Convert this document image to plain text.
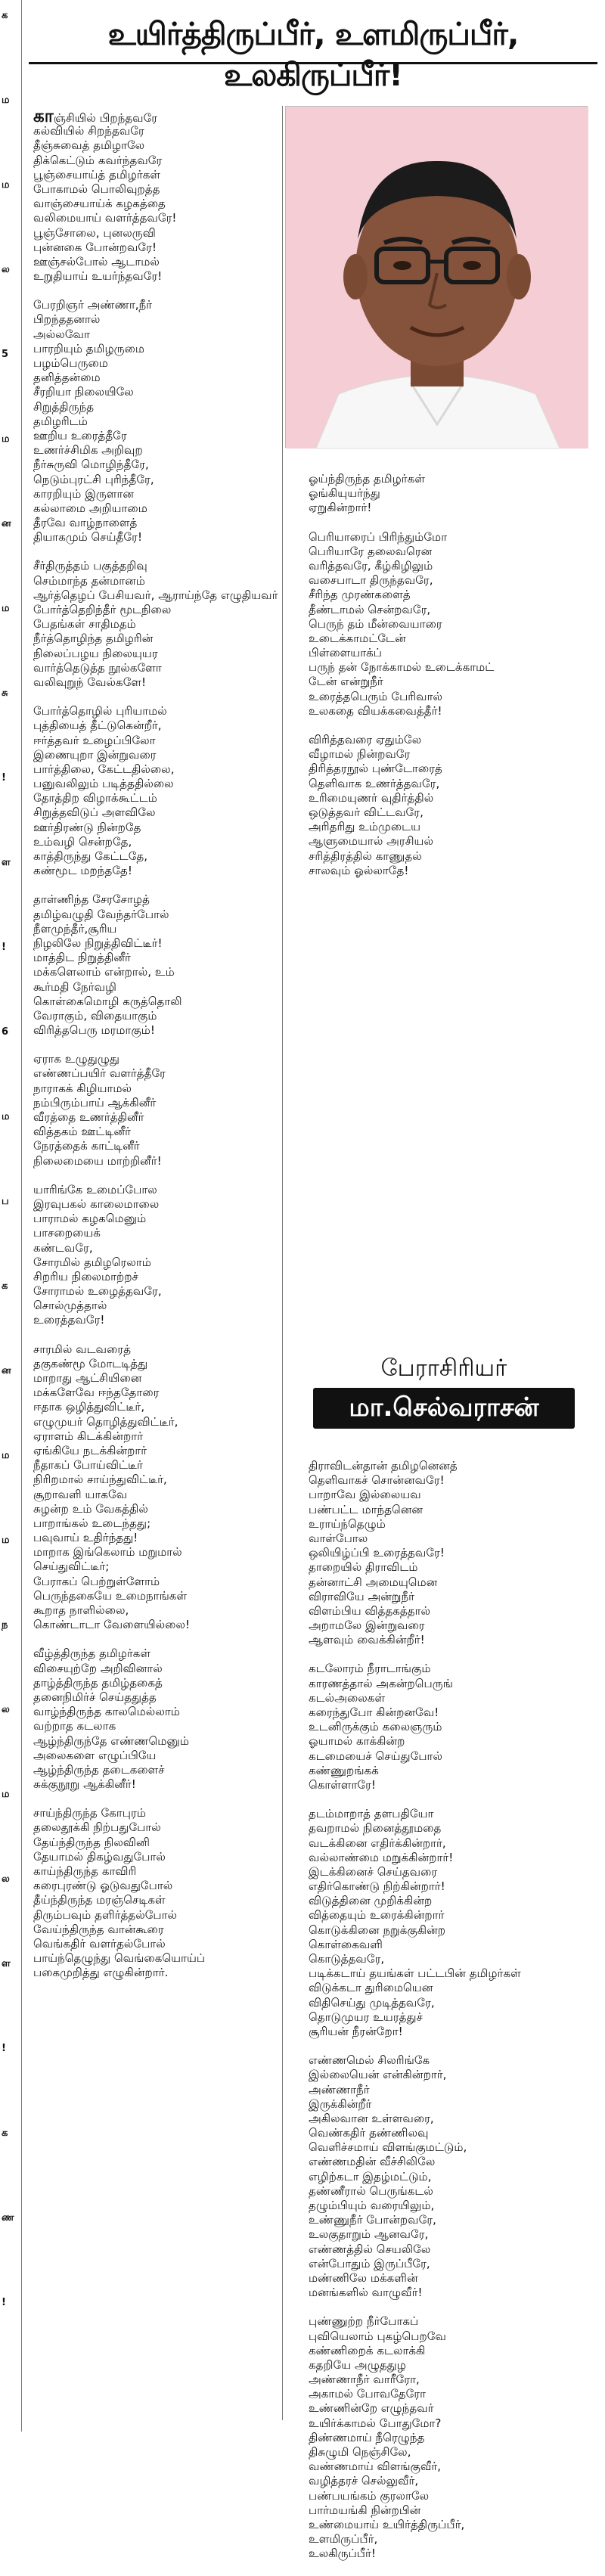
க
ம
ம
ல
5
ம
ன
ம
சு
!
ள
!
6
ம
ப
க
ன
ம
ம
ந
ல
ம
ல
ள
!
க
ண
!
உயிர்த்திருப்பீர், உளமிருப்பீர், உலகிருப்பீர்!
காஞ்சியில் பிறந்தவரே
கல்வியில் சிறந்தவரே
தீஞ்சுவைத் தமிழாலே
திக்கெட்டும் கவர்ந்தவரே
பூஞ்சையாய்த் தமிழர்கள்
போகாமல் பொலிவுறத்த
வாஞ்சையாய்க் கழகத்தை
வலிமையாய் வளர்த்தவரே!
பூஞ்சோலை, புனலருவி
புன்னகை போன்றவரே!
ஊஞ்சல்போல் ஆடாமல்
உறுதியாய் உயர்ந்தவரே!
பேரறிஞர் அண்ணா,நீர்
பிறந்ததனால்
அல்லவோ
பாரறியும் தமிழருமை
பழம்பெருமை
தனித்தன்மை
சீரறியா நிலையிலே
சிறுத்திருந்த
தமிழரிடம்
ஊறிய உரைத்தீரே
உணர்ச்சிமிக அறிவுற
நீர்சுருவி மொழிந்தீரே,
நெடும்புரட்சி புரிந்தீரே,
காரறியும் இருளான
கல்லாமை அறியாமை
தீரவே வாழ்நாளைத்
தியாகமும் செய்தீரே!
சீர்திருத்தம் பகுத்தறிவு
செம்மாந்த தன்மானம்
ஆர்த்தெழப் பேசியவர், ஆராய்ந்தே எழுதியவர்
போர்த்தெறிந்தீர் மூடநிலை
பேதங்கள் சாதிமதம்
நீர்த்தொழிந்த தமிழரின்
நிலைப்பழய நிலையுயர
வார்த்தெடுத்த நூல்களோ
வலிவுறுந் வேல்களே!
போர்த்தொழில் புரியாமல்
புத்தியைத் தீட்டுகென்றீர்,
ஈர்த்தவர் உழைப்பிலோ
இணையுறா இன்றுவரை
பார்த்திலை, கேட்டதில்லை,
பனுவலிலும் படித்ததில்லை
தோத்திற விழாக்கூட்டம்
சிறுத்தவிடுப் அளவிலே
ஊர்திரண்டு நின்றதே
உம்வழி சென்றதே,
காத்திருந்து கேட்டதே,
கண்மூட மறந்ததே!
தாள்ணிந்த சேரசோழத்
தமிழ்வழுதி வேந்தர்போல்
நீளமுந்தீர்,சூரிய
நிழலிலே நிறுத்திவிட்டீர்!
மாத்திட நிறுத்தினீர்
மக்களெலாம் என்றால், உம்
கூர்மதி நேர்வழி
கொள்கைமொழி கருத்தொலி
வேராகும், விதையாகும்
விரித்தபெரு மரமாகும்!
ஏராக உழுதுழுது
எண்ணப்பயிர் வளர்த்தீரே
நாராகக் கிழியாமல்
நம்பிரும்பாய் ஆக்கினீர்
வீரத்தை உணர்த்தினீர்
வித்தகம் ஊட்டினீர்
நேரத்தைக் காட்டினீர்
நிலைமையை மாற்றினீர்!
யாரிங்கே உமைப்போல
இரவுபகல் காலைமாலை
பாராமல் கழகமெனும்
பாசறையைக்
கண்டவரே,
சோரமில் தமிழரெலாம்
சிறரிய நிலைமாற்றச்
சோராமல் உழைத்தவரே,
சொல்முத்தால்
உரைத்தவரே!
சாரமில் வடவரைத்
தகுகண்மூ மோடடித்து
மாறாது ஆட்சியினை
மக்களேவே ஈந்ததோரை
ஈதாக ஒழித்துவிட்டீர்,
எழுமுயர் தொழித்துவிட்டீர்,
ஏராளம் கிடக்கின்றார்
ஏங்கியே நடக்கின்றார்
நீதாகப் போய்விட்டீர்
நிரிறமால் சாய்ந்துவிட்டீர்,
சூறாவளி யாகவே
சுழன்ற உம் வேகத்தில்
பாறாங்கல் உடைந்தது;
பவுவாய் உதிர்ந்தது!
மாறாக இங்கெலாம் மறுமால்
செய்துவிட்டீர்;
பேராகப் பெற்றுள்ளோம்
பெருந்தகையே உமைநாங்கள்
கூறாத நாளில்லை,
கொண்டாடா வேளையில்லை!
வீழ்த்திருந்த தமிழர்கள்
விசையுற்றே அறிவினால்
தாழ்த்திருந்த தமிழ்தகைத்
தனைநிமிர்ச் செய்ததுத்த
வாழ்ந்திருந்த காலமெல்லாம்
வற்றாத கடலாக
ஆழ்ந்திருந்தே எண்ணமெனும்
அலைகளை எழுப்பியே
ஆழ்ந்திருந்த தடைகளைச்
சுக்குநூறு ஆக்கினீர்!
சாய்ந்திருந்த கோபுரம்
தலைதூக்கி நிற்பதுபோல்
தேய்ந்திருந்த நிலவினி
தேயாமல் திகழ்வதுபோல்
காய்ந்திருந்த காவிரி
கரைபுரண்டு ஓடுவதுபோல்
தீய்ந்திருந்த மரஞ்செடிகள்
திரும்பவும் தளிர்த்தல்போல்
வேய்ந்திருந்த வான்கூரை
வெங்கதிர் வளர்தல்போல்
பாய்ந்தெழுந்து வெங்கையொய்ப்
பகைமுறித்து எழுகின்றார்.
ஓய்ந்திருந்த தமிழர்கள்
ஓங்கியுயர்ந்து
ஏறுகின்றார்!
பெரியாரைப் பிரிந்தும்மோ
பெரியாரே தலைவரென
வரித்தவரே, கீழ்கிழிலும்
வசைபாடா திருந்தவரே,
சீரிந்த முரண்களைத்
தீண்டாமல் சென்றவரே,
பெருந் தம் மீன்வையாரை
உடைக்காமட்டேன்
பிள்ளையாக்ப்
பருந் தன் நோக்காமல் உடைக்காமட்
டேன் என்றுநீர்
உரைத்தபெரும் பேரிவால்
உலகதை வியக்கவைத்தீர்!
விரித்தவரை ஏதும்லே
வீழாமல் நின்றவரே
திரித்தரநூல் புண்டோரைத்
தெளிவாக உணர்த்தவரே,
உரிமையுணர் வுதிர்த்தில்
ஒடுத்தவர் விட்டவரே,
அரிதரிது உம்முடைய
ஆளுமையால் அரசியல்
சரித்திரத்தில் காணுதல்
சாலவும் ஓல்லாதே!
பேராசிரியர்
மா.செல்வராசன்
திராவிடன்தான் தமிழனெனத்
தெளிவாகச் சொன்னவரே!
பாறாவே இல்லையவ
பண்பட்ட மாந்தனென
உராய்ந்தெழும்
வாள்போல
ஒலியிழ்ப்பி உரைத்தவரே!
தாறையில் திராவிடம்
தன்னாட்சி அமையுமென
விராவியே அன்றுநீர்
விளம்பிய வித்தகத்தால்
அறாமலே இன்றுவரை
ஆளவும் வைக்கின்றீர்!
கடலோரம் நீராடாங்கும்
காரணத்தால் அகன்றபெருங்
கடல்அலைகள்
கரைந்துபோ கின்றனவே!
உடனிருக்கும் கலைஞரும்
ஓயாமல் காக்கின்ற
கடமையைச் செய்துபோல்
கண்ணுறங்கக்
கொள்ளாரே!
தடம்மாறாத் தளபதியோ
தவறாமல் நினைத்தூமதை
வடக்கினை எதிர்க்கின்றார்,
வல்லாண்மை மறுக்கின்றார்!
இடக்கினைச் செய்தவரை
எதிர்கொண்டு நிற்கின்றார்!
விடுத்தினை முறிக்கின்ற
வித்தையும் உரைக்கின்றார்
கொடுக்கினை நறுக்குகின்ற
கொள்கைவளி
கொடுத்தவரே,
படிக்கடாய் தயங்கள் பட்டபின் தமிழர்கள்
விடுக்கடா துரிமையென
விதிசெய்து முடித்தவரே,
தொடுமுயர உயரத்துச்
சூரியன் நீரன்றோ!
எண்ணமெல் சிலரிங்கே
இல்லையென் என்கின்றார்,
அண்ணாநீர்
இருக்கின்றீர்
அகிலவான உள்ளவரை,
வெண்கதிர் தண்ணிலவு
வெளிச்சமாய் விளங்குமட்டும்,
எண்ணமதின் வீச்சிலிலே
எழிற்கடா இதழ்மட்டும்,
தண்ணீரால் பெருங்கடல்
தழும்பியும் வரையிலும்,
உண்ணுநீர் போன்றவரே,
உலகுதாறும் ஆனவரே,
எண்ணத்தில் செயலிலே
என்போதும் இருப்பீரே,
மண்ணிலே மக்களின்
மனங்களில் வாழுவீர்!
புண்ணுற்ற நீர்போகப்
புவியெலாம் புகழ்பெறவே
கண்ணிறைக் கடலாக்கி
கதறியே அழுததுழ
அண்ணாநீர் வாரீரோ,
அகாமல் போவதேரோ
உண்ணின்றே எழுந்தவர்
உயிர்க்காமல் போதுமோ?
திண்ணமாய் நீரெழுந்த
திசுழுமி நெஞ்சிலே,
வண்ணமாய் விளங்குவீர்,
வழித்தரச் செல்லுவீர்,
பண்பயங்கம் குரலாலே
பார்மயங்கி நின்றபின்
உண்மையாய் உயிர்த்திருப்பீர்,
உளமிருப்பீர்,
உலகிருப்பீர்!
